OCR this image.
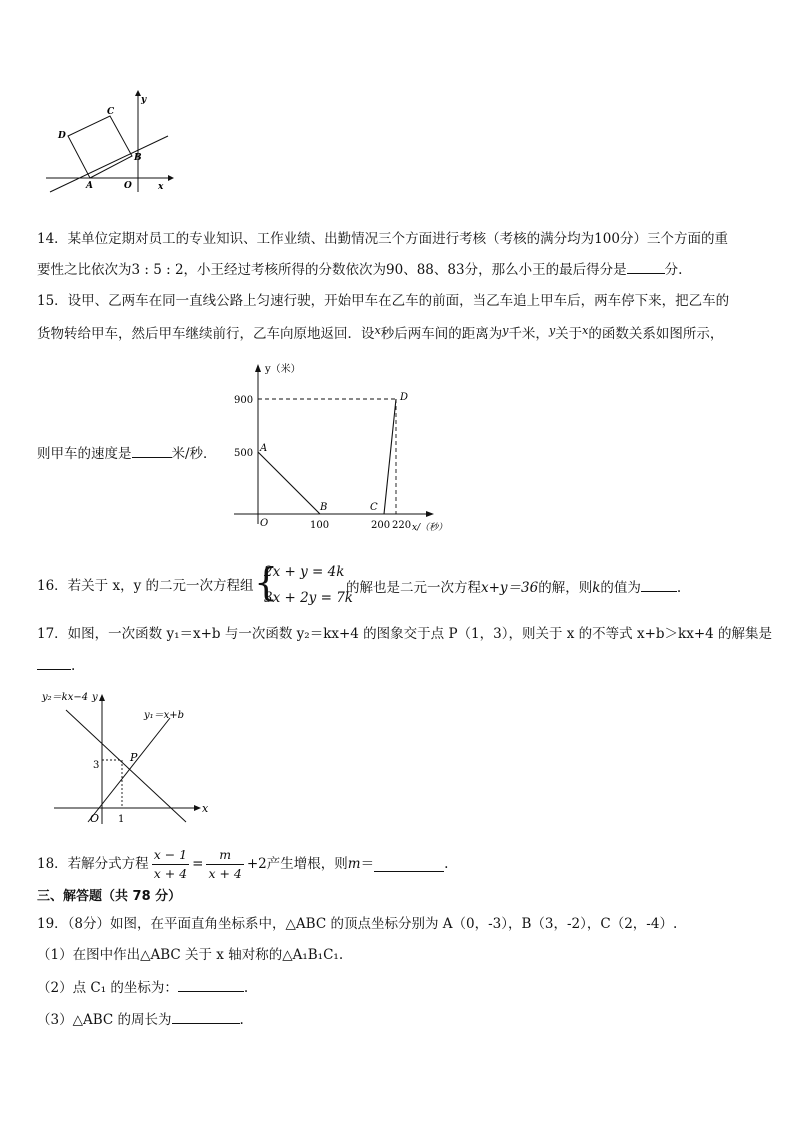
y
x
C
D
B
A	O
14．某单位定期对员工的专业知识、工作业绩、出勤情况三个方面进行考核（考核的满分均为100分）三个方面的重
要性之比依次为3 : 5 : 2，小王经过考核所得的分数依次为90、88、83分，那么小王的最后得分是	分.
15．设甲、乙两车在同一直线公路上匀速行驶，开始甲车在乙车的前面，当乙车追上甲车后，两车停下来，把乙车的
货物转给甲车，然后甲车继续前行，乙车向原地返回．设$^x$秒后两车间的距离为$^y$千米，$^y$关于$^x$的函数关系如图所示，
y（米）
x/（秒）
900
500
100	200 220
O
A
B	C
D
则甲车的速度是	米/秒．
16．若关于 x，y 的二元一次方程组 {
2x + y = 4k
3x + 2y = 7k
的解也是二元一次方程x+y＝36的解，则k的值为	.
17．如图，一次函数 y₁＝x+b 与一次函数 y₂＝kx+4 的图象交于点 P（1，3），则关于 x 的不等式 x+b＞kx+4 的解集是
.
y₂＝kx−4 y
y₁＝x+b
P
3
O 1
x
18．若解分式方程 $\frac{x - 1}{x + 4} = \frac{m}{x + 4} +2$ 产生增根，则 m ＝	.
三、解答题（共 78 分）
19．（8分）如图，在平面直角坐标系中，△ABC 的顶点坐标分别为 A（0，-3），B（3，-2），C（2，-4）.
（1）在图中作出△ABC 关于 x 轴对称的△A₁B₁C₁.
（2）点 C₁ 的坐标为：	.
（3）△ABC 的周长为	.
